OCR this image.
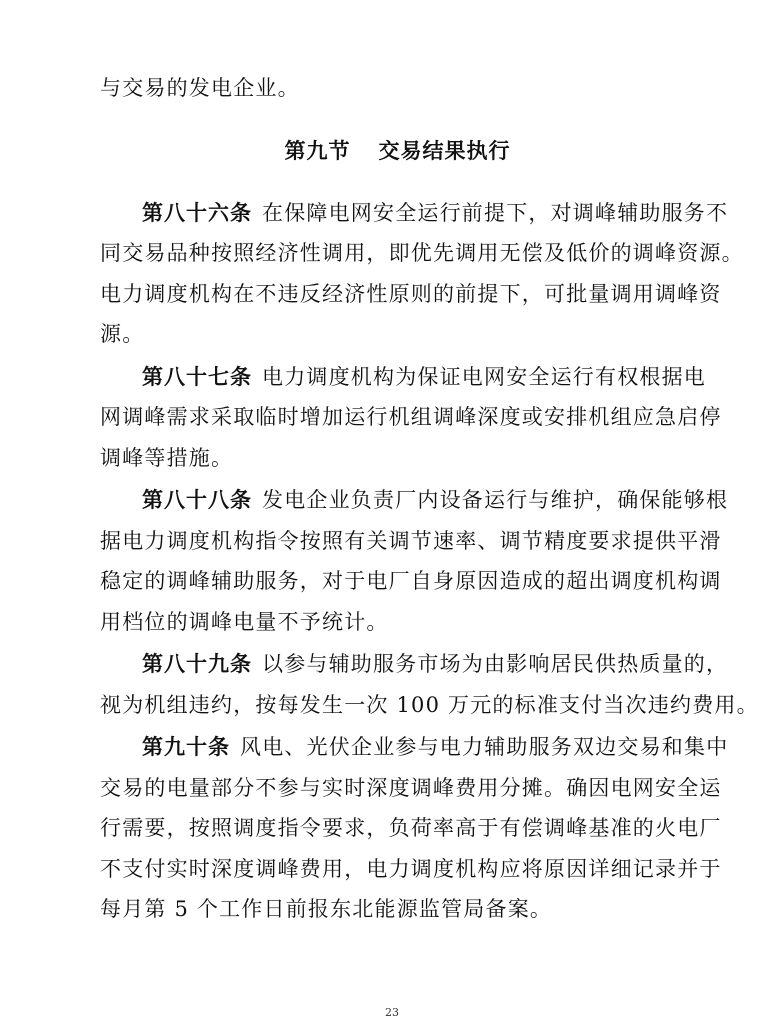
与交易的发电企业。
第九节 交易结果执行
第八十六条 在保障电网安全运行前提下，对调峰辅助服务不
同交易品种按照经济性调用，即优先调用无偿及低价的调峰资源。
电力调度机构在不违反经济性原则的前提下，可批量调用调峰资
源。
第八十七条 电力调度机构为保证电网安全运行有权根据电
网调峰需求采取临时增加运行机组调峰深度或安排机组应急启停
调峰等措施。
第八十八条 发电企业负责厂内设备运行与维护，确保能够根
据电力调度机构指令按照有关调节速率、调节精度要求提供平滑
稳定的调峰辅助服务，对于电厂自身原因造成的超出调度机构调
用档位的调峰电量不予统计。
第八十九条 以参与辅助服务市场为由影响居民供热质量的，
视为机组违约，按每发生一次 100 万元的标准支付当次违约费用。
第九十条 风电、光伏企业参与电力辅助服务双边交易和集中
交易的电量部分不参与实时深度调峰费用分摊。确因电网安全运
行需要，按照调度指令要求，负荷率高于有偿调峰基准的火电厂
不支付实时深度调峰费用，电力调度机构应将原因详细记录并于
每月第 5 个工作日前报东北能源监管局备案。
23
